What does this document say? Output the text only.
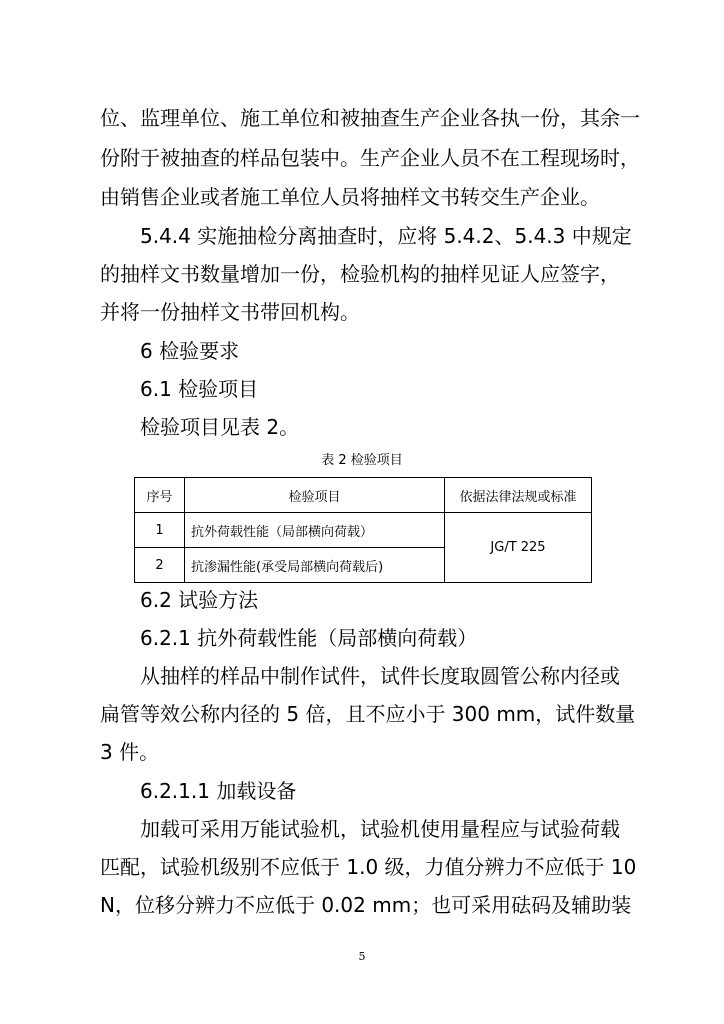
位、监理单位、施工单位和被抽查生产企业各执一份，其余一
份附于被抽查的样品包装中。生产企业人员不在工程现场时，
由销售企业或者施工单位人员将抽样文书转交生产企业。
5.4.4 实施抽检分离抽查时，应将 5.4.2、5.4.3 中规定
的抽样文书数量增加一份，检验机构的抽样见证人应签字，
并将一份抽样文书带回机构。
6 检验要求
6.1 检验项目
检验项目见表 2。
表 2 检验项目
序号	检验项目	依据法律法规或标准
1	抗外荷载性能（局部横向荷载）	JG/T 225
2	抗渗漏性能(承受局部横向荷载后)	
6.2 试验方法
6.2.1 抗外荷载性能（局部横向荷载）
从抽样的样品中制作试件，试件长度取圆管公称内径或
扁管等效公称内径的 5 倍，且不应小于 300 mm，试件数量
3 件。
6.2.1.1 加载设备
加载可采用万能试验机，试验机使用量程应与试验荷载
匹配，试验机级别不应低于 1.0 级，力值分辨力不应低于 10
N，位移分辨力不应低于 0.02 mm；也可采用砝码及辅助装
5
